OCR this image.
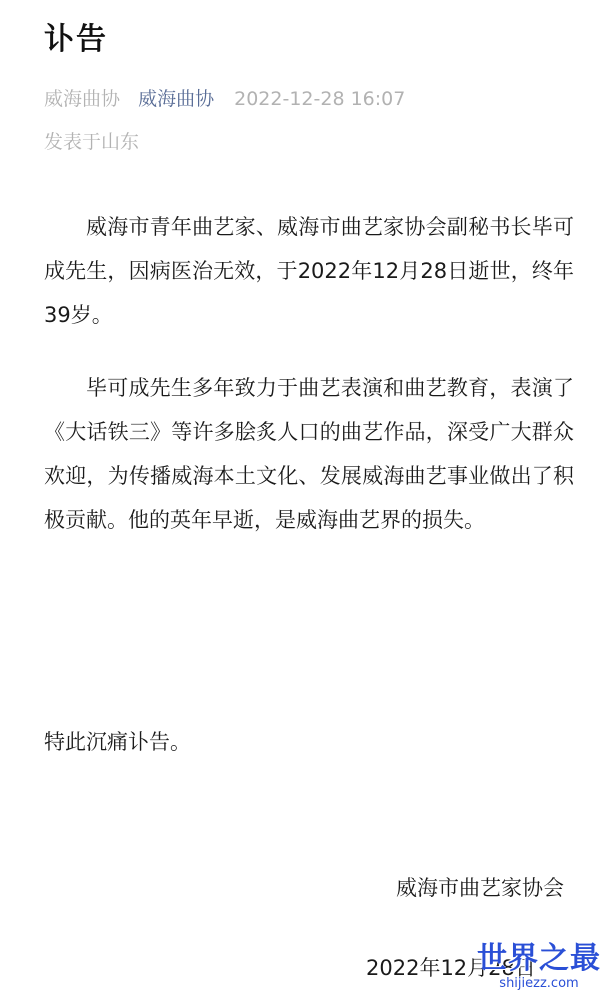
讣告
威海曲协 威海曲协 2022-12-28 16:07
发表于山东

威海市青年曲艺家、威海市曲艺家协会副秘书长毕可成先生，因病医治无效，于2022年12月28日逝世，终年39岁。

毕可成先生多年致力于曲艺表演和曲艺教育，表演了《大话铁三》等许多脍炙人口的曲艺作品，深受广大群众欢迎，为传播威海本土文化、发展威海曲艺事业做出了积极贡献。他的英年早逝，是威海曲艺界的损失。

特此沉痛讣告。
威海市曲艺家协会
2022年12月28日
世界之最
shijiezz.com
